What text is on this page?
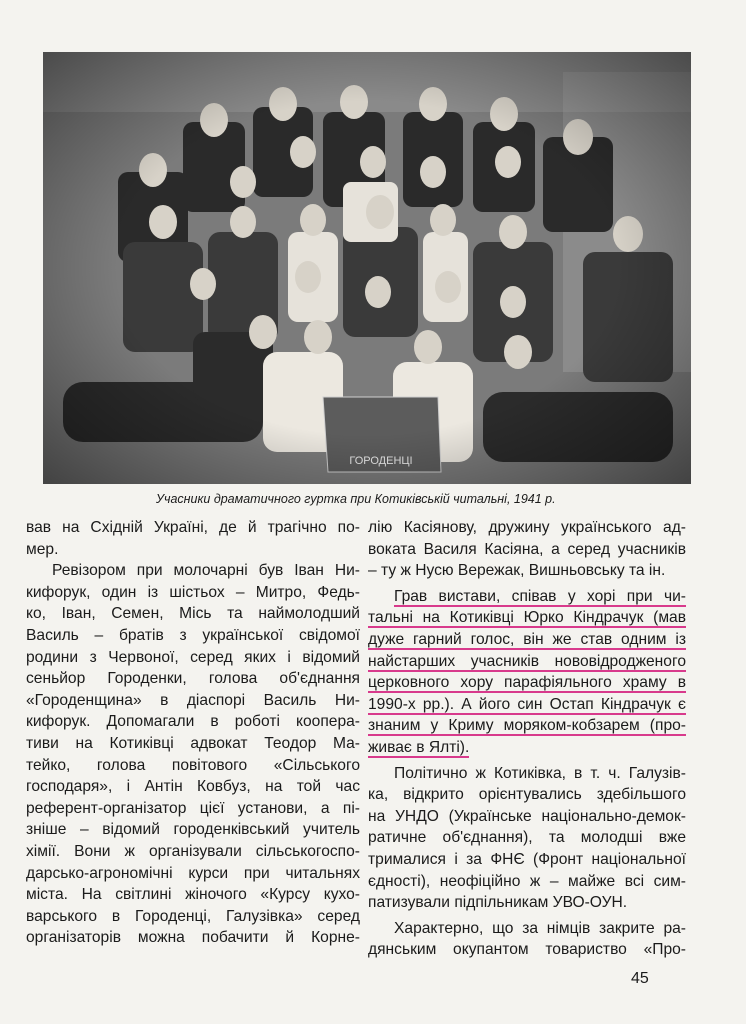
Учасники драматичного гуртка при Котиківській читальні, 1941 р.

вав на Східній Україні, де й трагічно по-

мер.

Ревізором при молочарні був Іван Ни-

кифорук, один із шістьох – Митро, Федь-

ко, Іван, Семен, Місь та наймолодший

Василь – братів з української свідомої

родини з Червоної, серед яких і відомий

сеньйор Городенки, голова об'єднання

«Городенщина» в діаспорі Василь Ни-

кифорук. Допомагали в роботі коопера-

тиви на Котиківці адвокат Теодор Ма-

тейко, голова повітового «Сільського

господаря», і Антін Ковбуз, на той час

референт-організатор цієї установи, а пі-

зніше – відомий городенківський учитель

хімії. Вони ж організували сільськогоспо-

дарсько-агрономічні курси при читальнях

міста. На світлині жіночого «Курсу кухо-

варського в Городенці, Галузівка» серед

організаторів можна побачити й Корне-

лію Касіянову, дружину українського ад-

воката Василя Касіяна, а серед учасників

– ту ж Нусю Вережак, Вишньовську та ін.

Грав вистави, співав у хорі при чи-

тальні на Котиківці Юрко Кіндрачук (мав

дуже гарний голос, він же став одним із

найстарших учасників нововідродженого

церковного хору парафіяльного храму в

1990-х рр.). А його син Остап Кіндрачук є

знаним у Криму моряком-кобзарем (про-

живає в Ялті).

Політично ж Котиківка, в т. ч. Галузів-

ка, відкрито орієнтувались здебільшого

на УНДО (Українське національно-демок-

ратичне об'єднання), та молодші вже

трималися і за ФНЄ (Фронт національної

єдності), неофіційно ж – майже всі сим-

патизували підпільникам УВО-ОУН.

Характерно, що за німців закрите ра-

дянським окупантом товариство «Про-

45
